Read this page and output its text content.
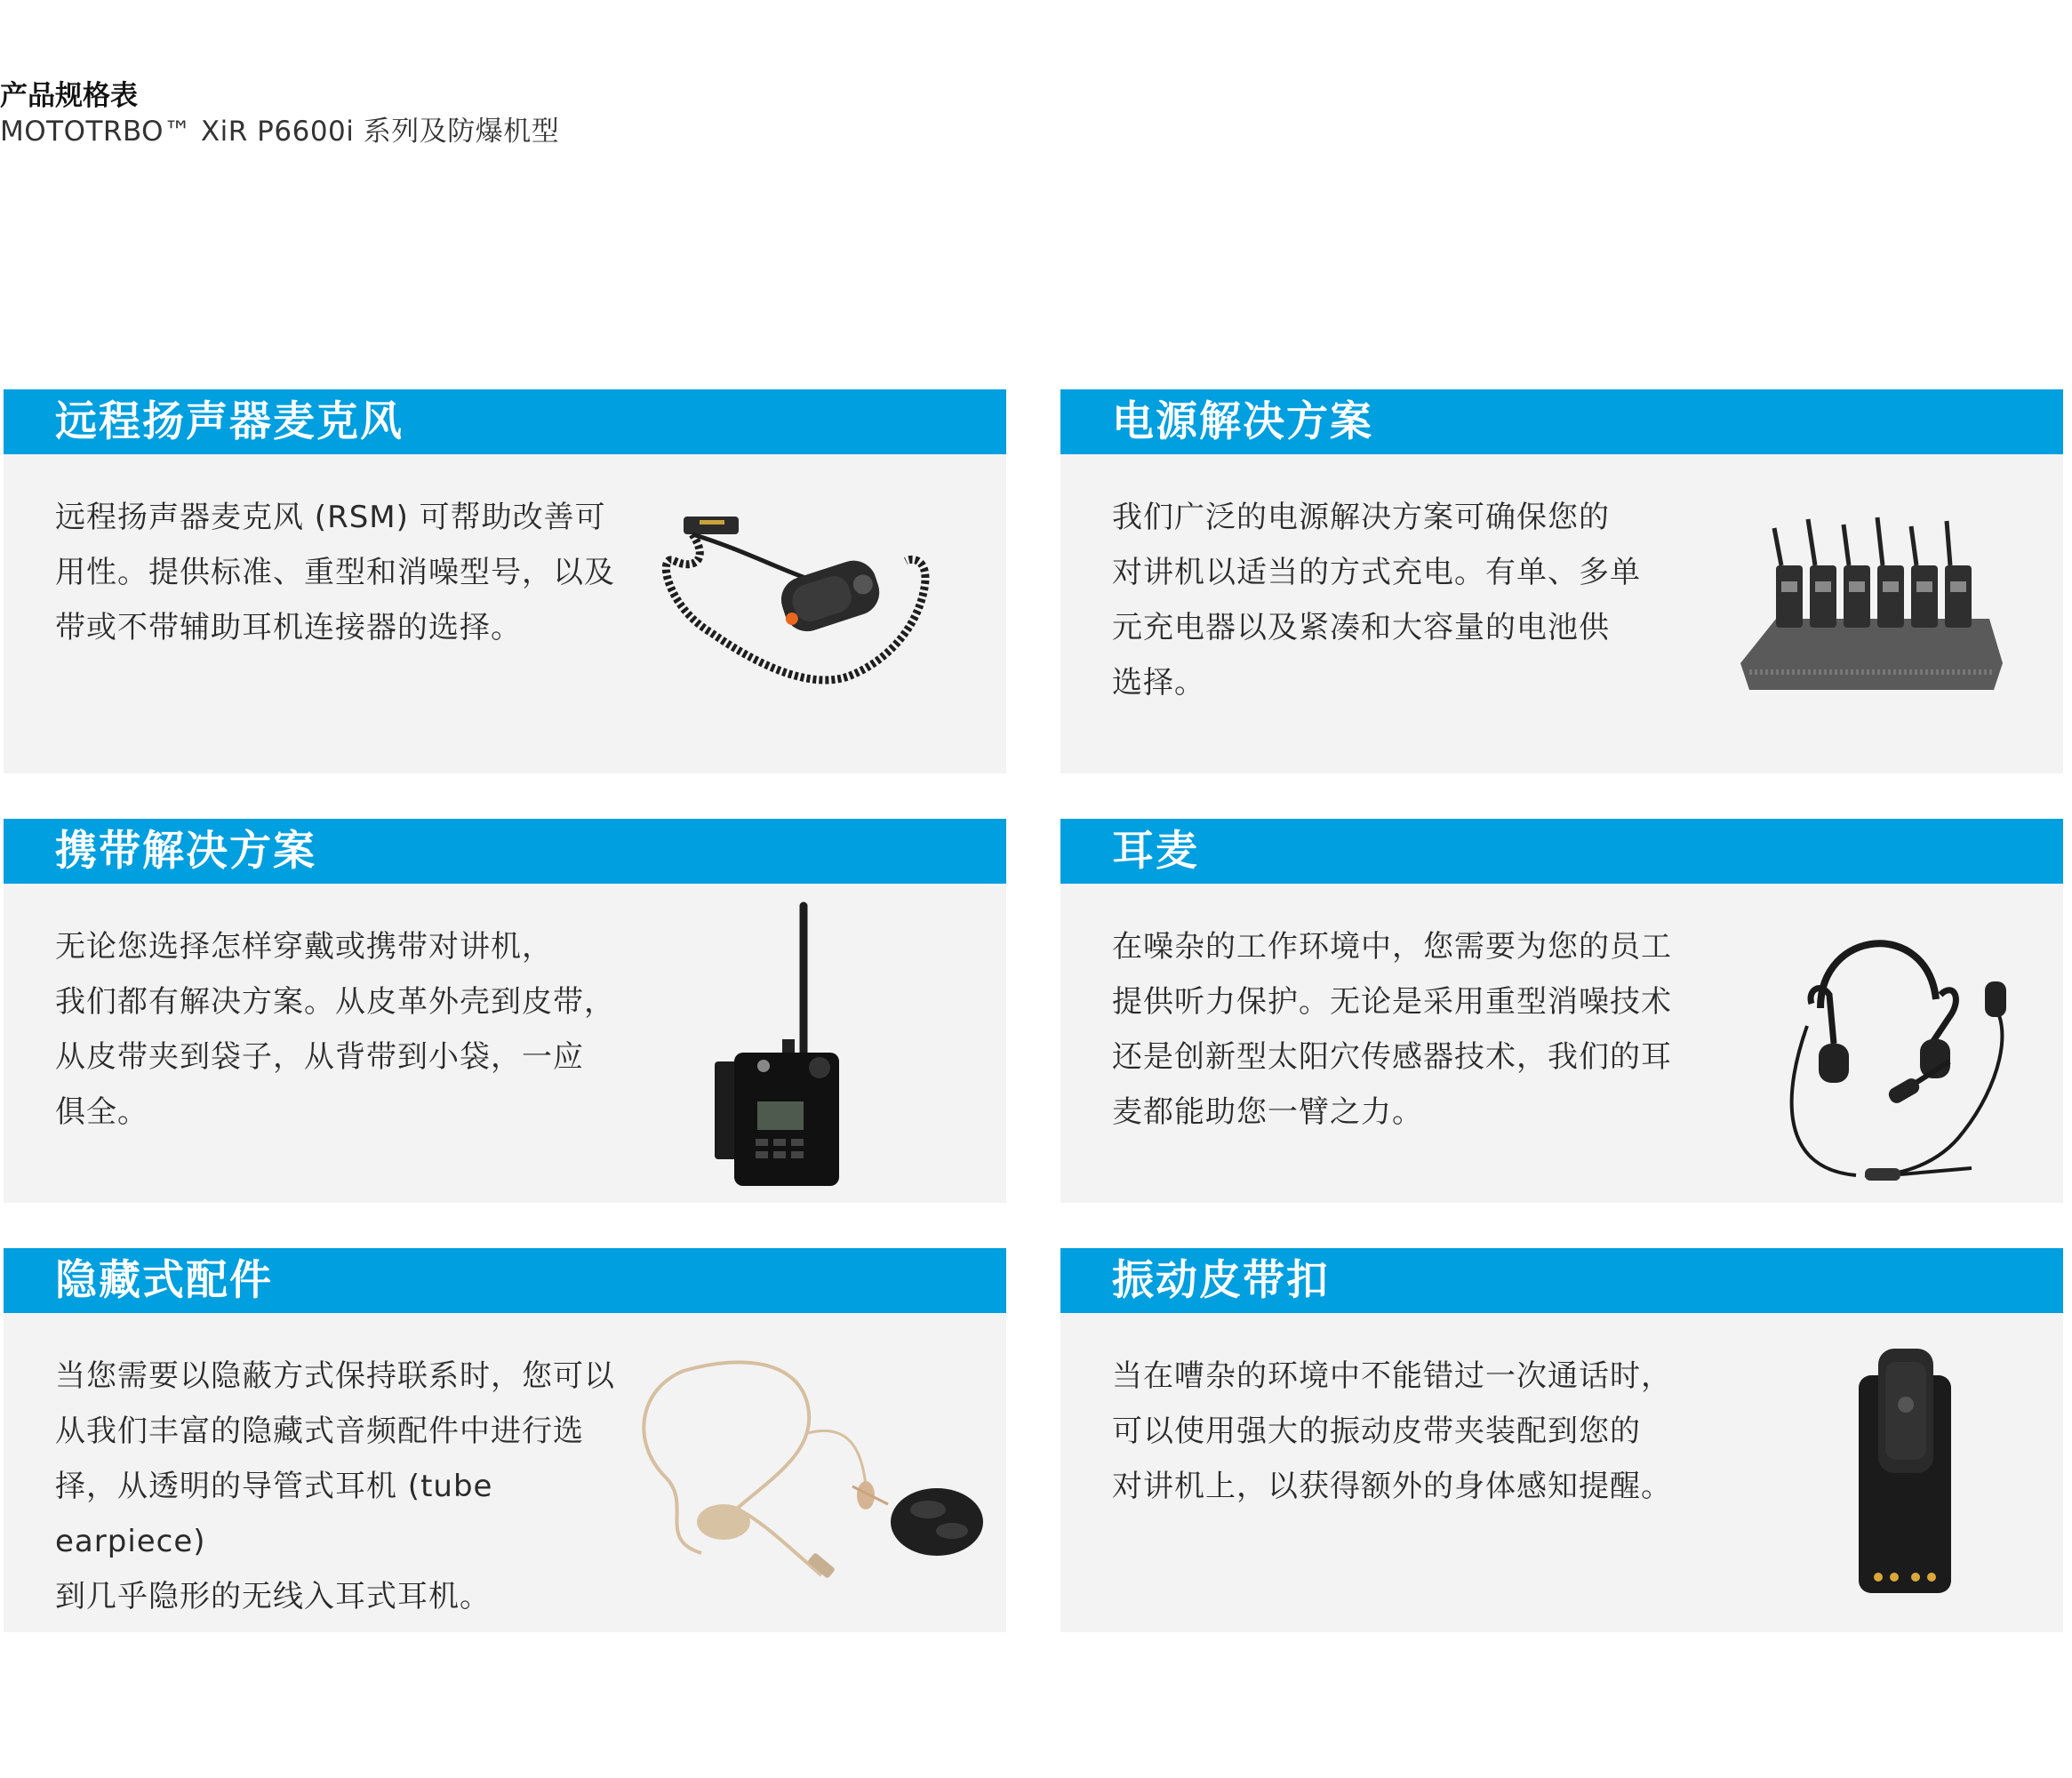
产品规格表
MOTOTRBO™ XiR P6600i 系列及防爆机型
远程扬声器麦克风
远程扬声器麦克风 (RSM) 可帮助改善可
用性。提供标准、重型和消噪型号，以及
带或不带辅助耳机连接器的选择。
电源解决方案
我们广泛的电源解决方案可确保您的
对讲机以适当的方式充电。有单、多单
元充电器以及紧凑和大容量的电池供
选择。
携带解决方案
无论您选择怎样穿戴或携带对讲机，
我们都有解决方案。从皮革外壳到皮带，
从皮带夹到袋子，从背带到小袋，一应
俱全。
耳麦
在噪杂的工作环境中，您需要为您的员工
提供听力保护。无论是采用重型消噪技术
还是创新型太阳穴传感器技术，我们的耳
麦都能助您一臂之力。
隐藏式配件
当您需要以隐蔽方式保持联系时，您可以
从我们丰富的隐藏式音频配件中进行选
择，从透明的导管式耳机 (tube earpiece)
到几乎隐形的无线入耳式耳机。
振动皮带扣
当在嘈杂的环境中不能错过一次通话时，
可以使用强大的振动皮带夹装配到您的
对讲机上，以获得额外的身体感知提醒。
